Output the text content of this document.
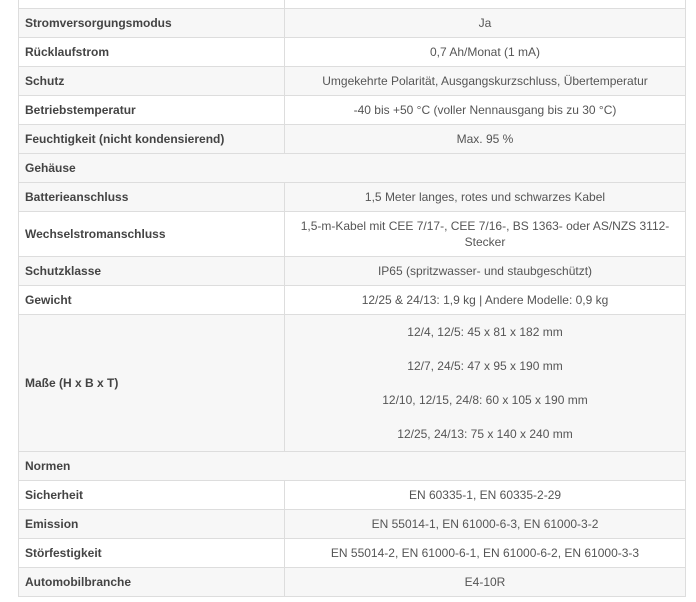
Stromversorgungsmodus	Ja
Rücklaufstrom	0,7 Ah/Monat (1 mA)
Schutz	Umgekehrte Polarität, Ausgangskurzschluss, Übertemperatur
Betriebstemperatur	-40 bis +50 °C (voller Nennausgang bis zu 30 °C)
Feuchtigkeit (nicht kondensierend)	Max. 95 %
Gehäuse	
Batterieanschluss	1,5 Meter langes, rotes und schwarzes Kabel
Wechselstromanschluss	1,5-m-Kabel mit CEE 7/17-, CEE 7/16-, BS 1363- oder AS/NZS 3112-Stecker
Schutzklasse	IP65 (spritzwasser- und staubgeschützt)
Gewicht	12/25 & 24/13: 1,9 kg | Andere Modelle: 0,9 kg
Maße (H x B x T)	12/4, 12/5: 45 x 81 x 182 mm
12/7, 24/5: 47 x 95 x 190 mm
12/10, 12/15, 24/8: 60 x 105 x 190 mm
12/25, 24/13: 75 x 140 x 240 mm

Normen	
Sicherheit	EN 60335-1, EN 60335-2-29
Emission	EN 55014-1, EN 61000-6-3, EN 61000-3-2
Störfestigkeit	EN 55014-2, EN 61000-6-1, EN 61000-6-2, EN 61000-3-3
Automobilbranche	E4-10R
